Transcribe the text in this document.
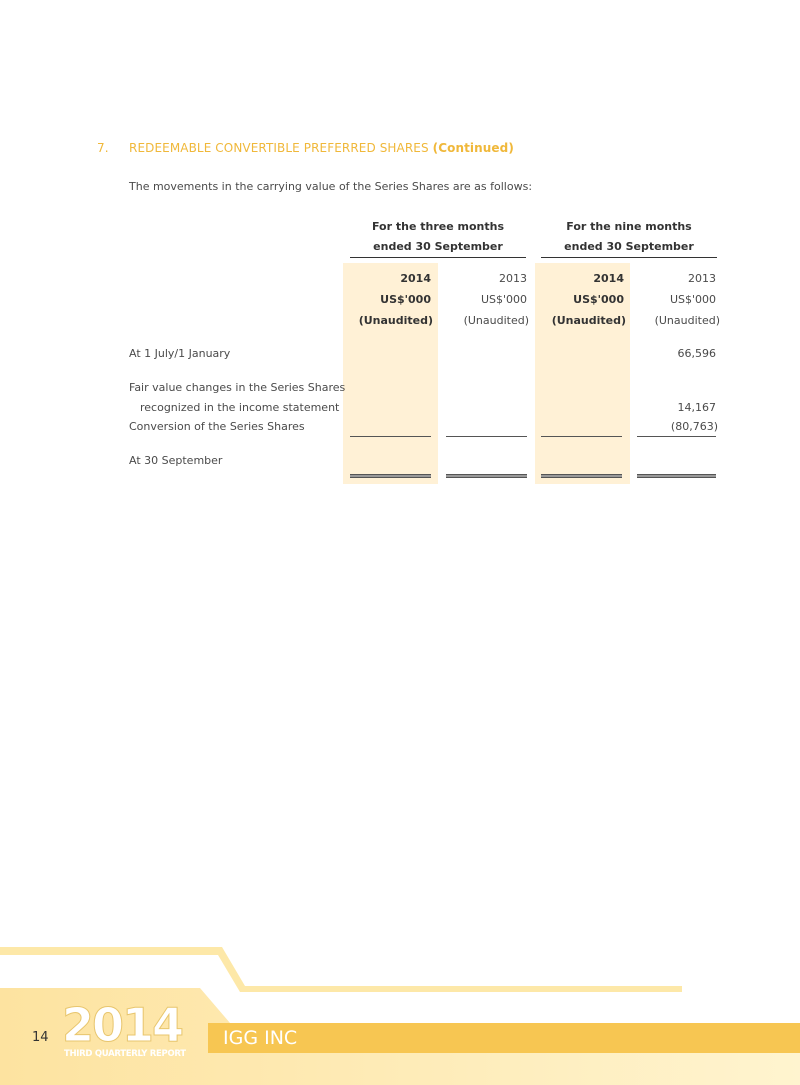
7. REDEEMABLE CONVERTIBLE PREFERRED SHARES (Continued)
The movements in the carrying value of the Series Shares are as follows:
For the three months
ended 30 September
For the nine months
ended 30 September
2014
US$'000
(Unaudited)
2013
US$'000
(Unaudited)
2014
US$'000
(Unaudited)
2013
US$'000
(Unaudited)
At 1 July/1 January
Fair value changes in the Series Shares
recognized in the income statement
Conversion of the Series Shares
At 30 September
66,596
14,167
(80,763)
14 2014
THIRD QUARTERLY REPORT
IGG INC
